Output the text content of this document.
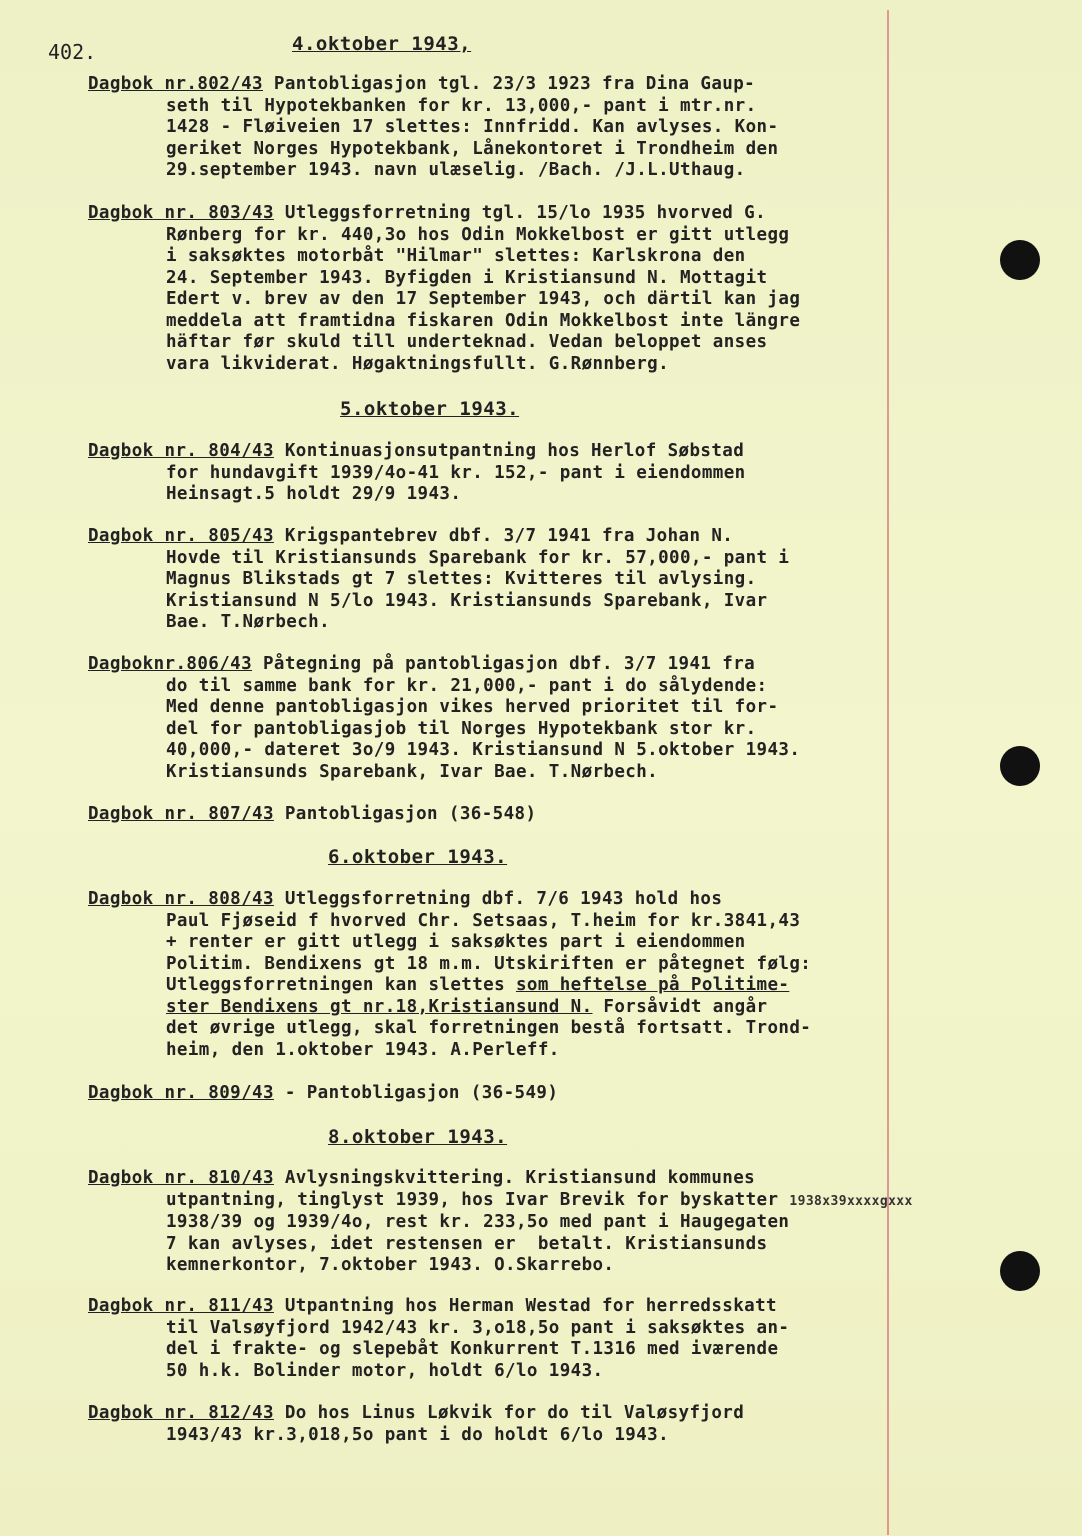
402.	4.oktober 1943,
Dagbok nr.802/43 Pantobligasjon tgl. 23/3 1923 fra Dina Gaup-
seth til Hypotekbanken for kr. 13,000,- pant i mtr.nr.
1428 - Fløiveien 17 slettes: Innfridd. Kan avlyses. Kon-
geriket Norges Hypotekbank, Lånekontoret i Trondheim den
29.september 1943. navn ulæselig. /Bach. /J.L.Uthaug.
Dagbok nr. 803/43 Utleggsforretning tgl. 15/lo 1935 hvorved G.
Rønberg for kr. 440,3o hos Odin Mokkelbost er gitt utlegg
i saksøktes motorbåt "Hilmar" slettes: Karlskrona den
24. September 1943. Byfigden i Kristiansund N. Mottagit
Edert v. brev av den 17 September 1943, och därtil kan jag
meddela att framtidna fiskaren Odin Mokkelbost inte längre
häftar før skuld till underteknad. Vedan beloppet anses
vara likviderat. Høgaktningsfullt. G.Rønnberg.
5.oktober 1943.
Dagbok nr. 804/43 Kontinuasjonsutpantning hos Herlof Søbstad
for hundavgift 1939/4o-41 kr. 152,- pant i eiendommen
Heinsagt.5 holdt 29/9 1943.
Dagbok nr. 805/43 Krigspantebrev dbf. 3/7 1941 fra Johan N.
Hovde til Kristiansunds Sparebank for kr. 57,000,- pant i
Magnus Blikstads gt 7 slettes: Kvitteres til avlysing.
Kristiansund N 5/lo 1943. Kristiansunds Sparebank, Ivar
Bae. T.Nørbech.
Dagboknr.806/43 Påtegning på pantobligasjon dbf. 3/7 1941 fra
do til samme bank for kr. 21,000,- pant i do sålydende:
Med denne pantobligasjon vikes herved prioritet til for-
del for pantobligasjob til Norges Hypotekbank stor kr.
40,000,- dateret 3o/9 1943. Kristiansund N 5.oktober 1943.
Kristiansunds Sparebank, Ivar Bae. T.Nørbech.
Dagbok nr. 807/43 Pantobligasjon (36-548)
6.oktober 1943.
Dagbok nr. 808/43 Utleggsforretning dbf. 7/6 1943 hold hos
Paul Fjøseid f hvorved Chr. Setsaas, T.heim for kr.3841,43
+ renter er gitt utlegg i saksøktes part i eiendommen
Politim. Bendixens gt 18 m.m. Utskiriften er påtegnet følg:
Utleggsforretningen kan slettes som heftelse på Politime-
ster Bendixens gt nr.18,Kristiansund N. Forsåvidt angår
det øvrige utlegg, skal forretningen bestå fortsatt. Trond-
heim, den 1.oktober 1943. A.Perleff.
Dagbok nr. 809/43 - Pantobligasjon (36-549)
8.oktober 1943.
Dagbok nr. 810/43 Avlysningskvittering. Kristiansund kommunes
utpantning, tinglyst 1939, hos Ivar Brevik for byskatter 1938x39xxxxgxxx
1938/39 og 1939/4o, rest kr. 233,5o med pant i Haugegaten
7 kan avlyses, idet restensen er  betalt. Kristiansunds
kemnerkontor, 7.oktober 1943. O.Skarrebo.
Dagbok nr. 811/43 Utpantning hos Herman Westad for herredsskatt
til Valsøyfjord 1942/43 kr. 3,o18,5o pant i saksøktes an-
del i frakte- og slepebåt Konkurrent T.1316 med iværende
50 h.k. Bolinder motor, holdt 6/lo 1943.
Dagbok nr. 812/43 Do hos Linus Løkvik for do til Valøsyfjord
1943/43 kr.3,018,5o pant i do holdt 6/lo 1943.
